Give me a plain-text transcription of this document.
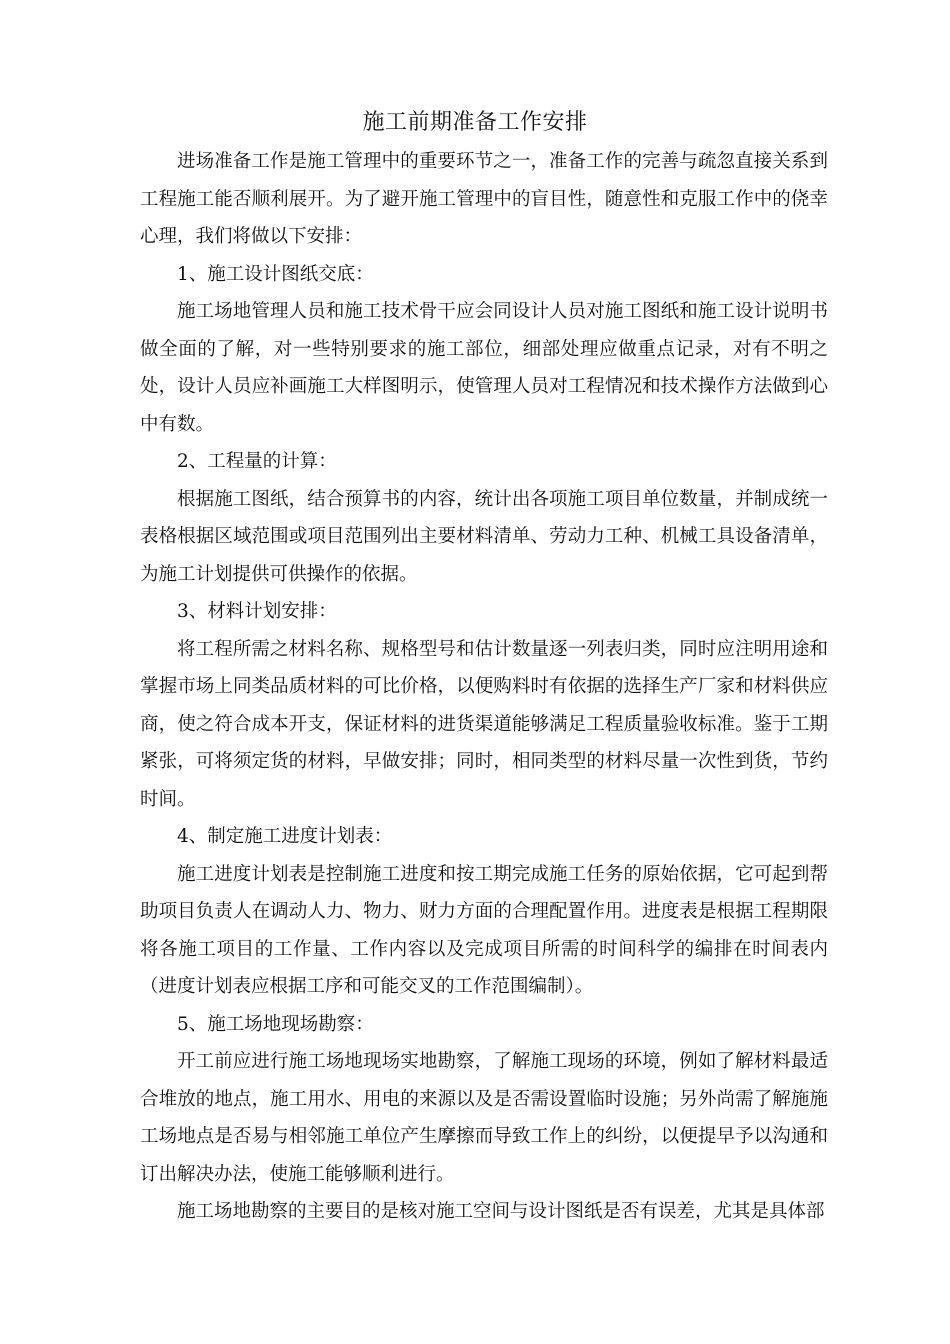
施工前期准备工作安排

进场准备工作是施工管理中的重要环节之一，准备工作的完善与疏忽直接关系到工程施工能否顺利展开。为了避开施工管理中的盲目性，随意性和克服工作中的侥幸心理，我们将做以下安排：

1、施工设计图纸交底：

施工场地管理人员和施工技术骨干应会同设计人员对施工图纸和施工设计说明书做全面的了解，对一些特别要求的施工部位，细部处理应做重点记录，对有不明之处，设计人员应补画施工大样图明示，使管理人员对工程情况和技术操作方法做到心中有数。

2、工程量的计算：

根据施工图纸，结合预算书的内容，统计出各项施工项目单位数量，并制成统一表格根据区域范围或项目范围列出主要材料清单、劳动力工种、机械工具设备清单，为施工计划提供可供操作的依据。

3、材料计划安排：

将工程所需之材料名称、规格型号和估计数量逐一列表归类，同时应注明用途和掌握市场上同类品质材料的可比价格，以便购料时有依据的选择生产厂家和材料供应商，使之符合成本开支，保证材料的进货渠道能够满足工程质量验收标准。鉴于工期紧张，可将须定货的材料，早做安排；同时，相同类型的材料尽量一次性到货，节约时间。

4、制定施工进度计划表：

施工进度计划表是控制施工进度和按工期完成施工任务的原始依据，它可起到帮助项目负责人在调动人力、物力、财力方面的合理配置作用。进度表是根据工程期限将各施工项目的工作量、工作内容以及完成项目所需的时间科学的编排在时间表内（进度计划表应根据工序和可能交叉的工作范围编制）。

5、施工场地现场勘察：

开工前应进行施工场地现场实地勘察，了解施工现场的环境，例如了解材料最适合堆放的地点，施工用水、用电的来源以及是否需设置临时设施；另外尚需了解施施工场地点是否易与相邻施工单位产生摩擦而导致工作上的纠纷，以便提早予以沟通和订出解决办法，使施工能够顺利进行。

施工场地勘察的主要目的是核对施工空间与设计图纸是否有误差，尤其是具体部
